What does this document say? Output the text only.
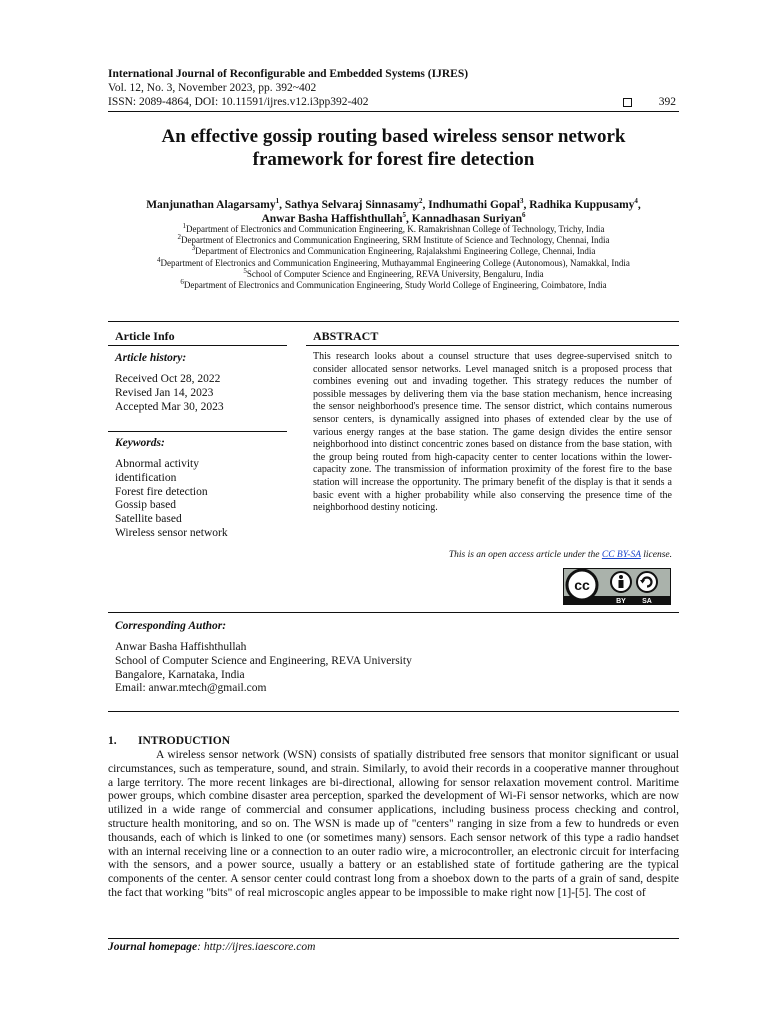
International Journal of Reconfigurable and Embedded Systems (IJRES)
Vol. 12, No. 3, November 2023, pp. 392~402
ISSN: 2089-4864, DOI: 10.11591/ijres.v12.i3pp392-402	392
An effective gossip routing based wireless sensor network
framework for forest fire detection
Manjunathan Alagarsamy$^1$, Sathya Selvaraj Sinnasamy$^2$, Indhumathi Gopal$^3$, Radhika Kuppusamy$^4$,
Anwar Basha Haffishthullah$^5$, Kannadhasan Suriyan$^6$
$^1$Department of Electronics and Communication Engineering, K. Ramakrishnan College of Technology, Trichy, India
$^2$Department of Electronics and Communication Engineering, SRM Institute of Science and Technology, Chennai, India
$^3$Department of Electronics and Communication Engineering, Rajalakshmi Engineering College, Chennai, India
$^4$Department of Electronics and Communication Engineering, Muthayammal Engineering College (Autonomous), Namakkal, India
$^5$School of Computer Science and Engineering, REVA University, Bengaluru, India
$^6$Department of Electronics and Communication Engineering, Study World College of Engineering, Coimbatore, India
Article Info
Article history:
Received Oct 28, 2022
Revised Jan 14, 2023
Accepted Mar 30, 2023
Keywords:
Abnormal activity
identification
Forest fire detection
Gossip based
Satellite based
Wireless sensor network
ABSTRACT
This research looks about a counsel structure that uses degree-supervised snitch to consider allocated sensor networks. Level managed snitch is a proposed process that combines evening out and invading together. This strategy reduces the number of possible messages by delivering them via the base station mechanism, hence increasing the sensor neighborhood's presence time. The sensor district, which contains numerous sensor centers, is dynamically assigned into phases of extended clear by the use of various energy ranges at the base station. The game design divides the entire sensor neighborhood into distinct concentric zones based on distance from the base station, with the group being routed from high-capacity center to center locations within the lower-capacity zone. The transmission of information proximity of the forest fire to the base station will increase the opportunity. The primary benefit of the display is that it sends a basic event with a higher probability while also conserving the presence time of the neighborhood destiny noticing.
This is an open access article under the CC BY-SA license.
cc
BY SA
Corresponding Author:
Anwar Basha Haffishthullah
School of Computer Science and Engineering, REVA University
Bangalore, Karnataka, India
Email: anwar.mtech@gmail.com
1. INTRODUCTION
A wireless sensor network (WSN) consists of spatially distributed free sensors that monitor significant or usual circumstances, such as temperature, sound, and strain. Similarly, to avoid their records in a cooperative manner throughout a large territory. The more recent linkages are bi-directional, allowing for sensor relaxation movement control. Maritime power groups, which combine disaster area perception, sparked the development of Wi-Fi sensor networks, which are now utilized in a wide range of commercial and consumer applications, including business process checking and control, structure health monitoring, and so on. The WSN is made up of "centers" ranging in size from a few to hundreds or even thousands, each of which is linked to one (or sometimes many) sensors. Each sensor network of this type a radio handset with an internal receiving line or a connection to an outer radio wire, a microcontroller, an electronic circuit for interfacing with the sensors, and a power source, usually a battery or an established state of fortitude gathering are the typical components of the center. A sensor center could contrast long from a shoebox down to the parts of a grain of sand, despite the fact that working "bits" of real microscopic angles appear to be impossible to make right now [1]-[5]. The cost of
Journal homepage: http://ijres.iaescore.com
